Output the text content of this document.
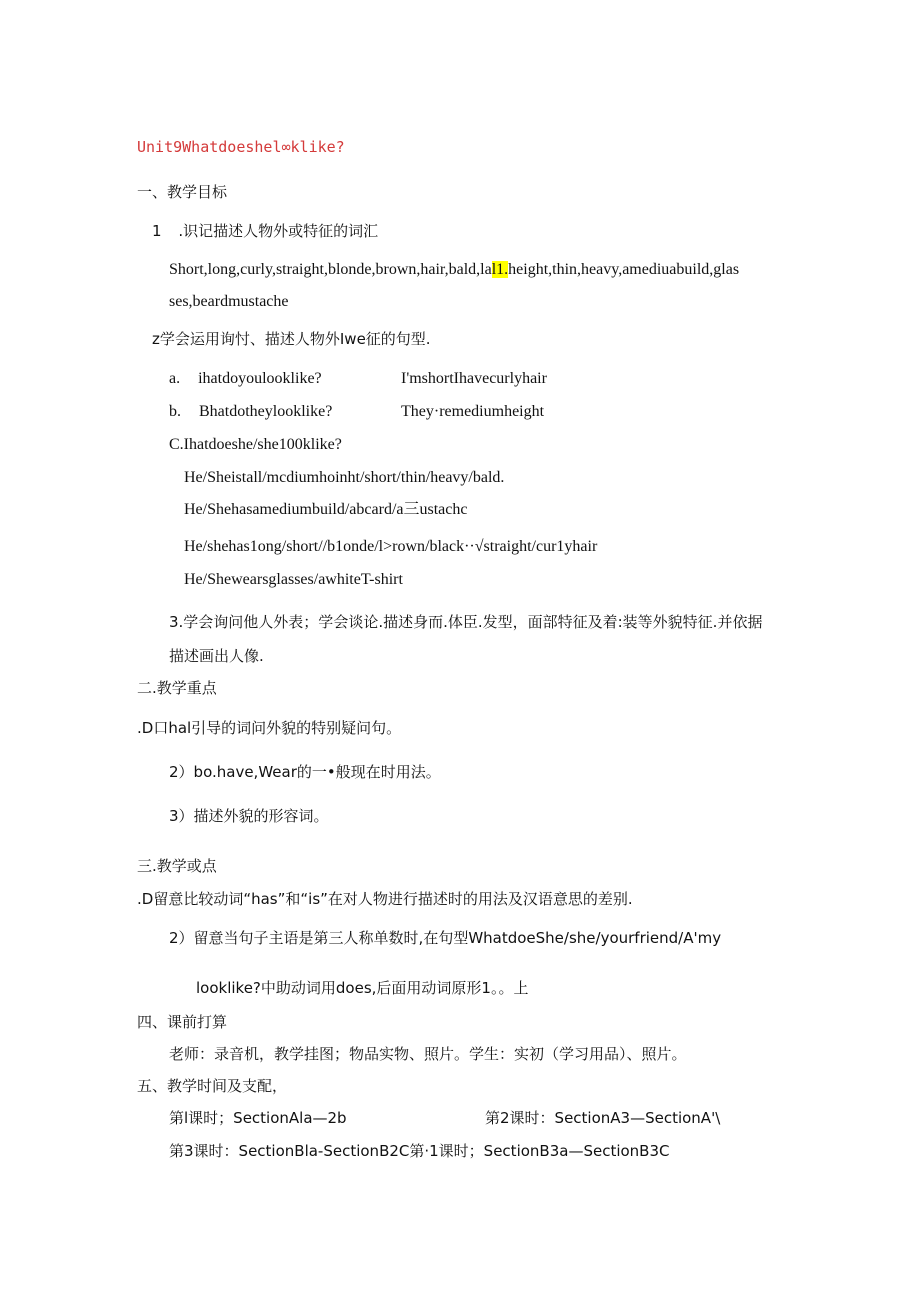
Unit9Whatdoeshel∞klike?
一、教学目标
1 .识记描述人物外或特征的词汇
Short,long,curly,straight,blonde,brown,hair,bald,lal1.height,thin,heavy,amediuabuild,glas
ses,beardmustache
z学会运用询忖、描述人物外Iwe征的句型.
a. ihatdoyoulooklike?	I'mshortIhavecurlyhair
b. Bhatdotheylooklike?	They·remediumheight
C.Ihatdoeshe/she100klike?
He/Sheistall/mcdiumhoinht/short/thin/heavy/bald.
He/Shehasamediumbuild/abcard/a三ustachc
He/shehas1ong/short//b1onde/l>rown/black··√straight/cur1yhair
He/Shewearsglasses/awhiteT-shirt
3.学会询问他人外表；学会谈论.描述身而.体臣.发型，面部特征及着:装等外貌特征.并依据
描述画出人像.
二.教学重点
.D口hal引导的词问外貌的特别疑问句。
2）bo.have,Wear的一•般现在时用法。
3）描述外貌的形容词。
三.教学或点
.D留意比较动词“has”和“is”在对人物进行描述时的用法及汉语意思的差别.
2）留意当句子主语是第三人称单数时,在句型WhatdoeShe/she/yourfriend/A'my
looklike?中助动词用does,后面用动词原形1。。上
四、课前打算
老师：录音机，教学挂图；物品实物、照片。学生：实初（学习用品）、照片。
五、教学时间及支配，
第l课时；SectionAla—2b	第2课时：SectionA3—SectionA'\
第3课时：SectionBla-SectionB2C第·1课时；SectionB3a—SectionB3C
